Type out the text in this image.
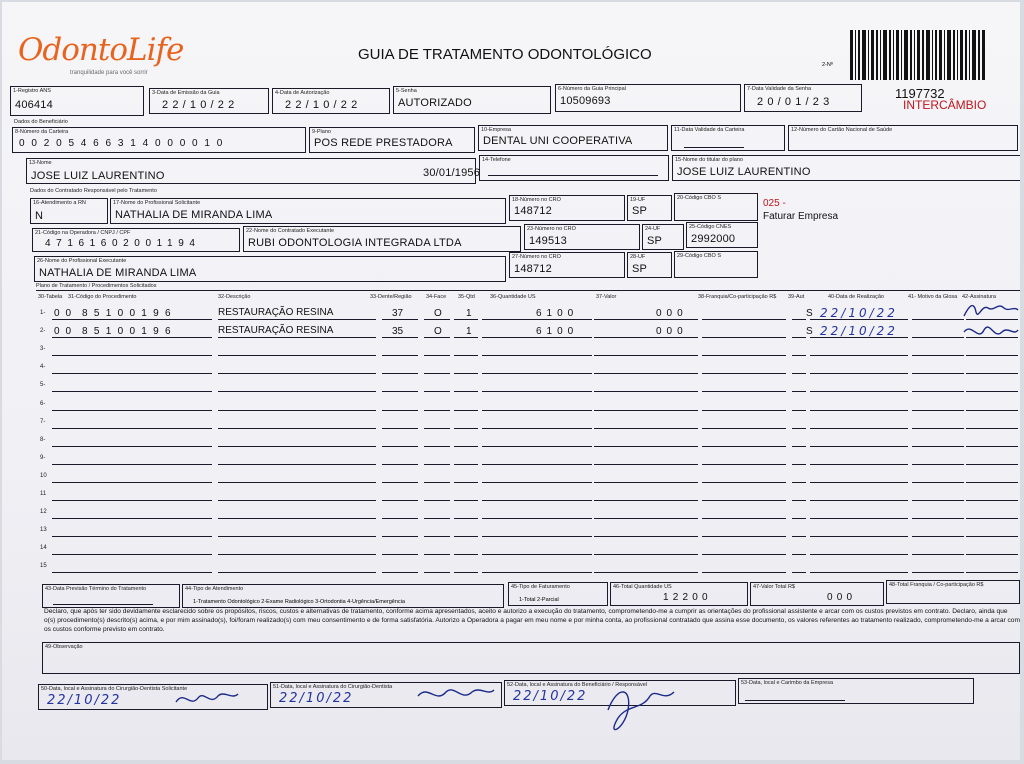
OdontoLife
tranquilidade para você sorrir
GUIA DE TRATAMENTO ODONTOLÓGICO
2-Nº
1197732
INTERCÂMBIO
1-Registro ANS
406414
3-Data de Emissão da Guia
22/10/22
4-Data de Autorização
22/10/22
5-Senha
AUTORIZADO
6-Número da Guia Principal
10509693
7-Data Validade da Senha
20/01/23
Dados do Beneficiário
8-Número da Carteira
00205466314000010
9-Plano
POS REDE PRESTADORA
10-Empresa
DENTAL UNI COOPERATIVA
11-Data Validade da Carteira	12-Número do Cartão Nacional de Saúde
13-Nome
JOSE LUIZ LAURENTINO	30/01/1956
14-Telefone	15-Nome do titular do plano
JOSE LUIZ LAURENTINO
Dados do Contratado Responsável pelo Tratamento
16-Atendimento a RN
N
17-Nome do Profissional Solicitante
NATHALIA DE MIRANDA LIMA
18-Número no CRO
148712
19-UF
SP
20-Código CBO S	025 -
Faturar Empresa
21-Código na Operadora / CNPJ / CPF
47161602001194
22-Nome do Contratado Executante
RUBI ODONTOLOGIA INTEGRADA LTDA
23-Número no CRO
149513
24-UF
SP
25-Código CNES
2992000
26-Nome do Profissional Executante
NATHALIA DE MIRANDA LIMA
27-Número no CRO
148712
28-UF
SP
29-Código CBO S
Plano de Tratamento / Procedimentos Solicitados
30-Tabela 31-Código do Procedimento	32-Descrição	33-Dente/Região	34-Face 35-Qtd	36-Quantidade US	37-Valor	38-Franquia/Co-participação R$ 39-Aut	40-Data de Realização	41- Motivo da Glosa 42-Assinatura
1- 00 85100196	RESTAURAÇÃO RESINA	37	O 1	6100	000	S 22/10/22
2- 00 85100196	RESTAURAÇÃO RESINA	35	O 1	6100	000	S 22/10/22
3-
4-
5-
6-
7-
8-
9-
10
11
12
13
14
15
43-Data Previsão Término do Tratamento	44-Tipo de Atendimento
1-Tratamento Odontológico 2-Exame Radiológico 3-Ortodontia 4-Urgência/Emergência
45-Tipo de Faturamento
1-Total 2-Parcial
46-Total Quantidade US
12200
47-Valor Total R$
000
48-Total Franquia / Co-participação R$
Declaro, que após ter sido devidamente esclarecido sobre os propósitos, riscos, custos e alternativas de tratamento, conforme acima apresentados, aceito e autorizo a execução do tratamento, comprometendo-me a cumprir as orientações do profissional assistente e arcar com os custos previstos em contrato. Declaro, ainda que o(s) procedimento(s) descrito(s) acima, e por mim assinado(s), foi/foram realizado(s) com meu consentimento e de forma satisfatória. Autorizo a Operadora a pagar em meu nome e por minha conta, ao profissional contratado que assina esse documento, os valores referentes ao tratamento realizado, comprometendo-me a arcar com os custos conforme previsto em contrato.
49-Observação
50-Data, local e Assinatura do Cirurgião-Dentista Solicitante
22/10/22
51-Data, local e Assinatura do Cirurgião-Dentista
22/10/22
52-Data, local e Assinatura do Beneficiário / Responsável
22/10/22
53-Data, local e Carimbo da Empresa
